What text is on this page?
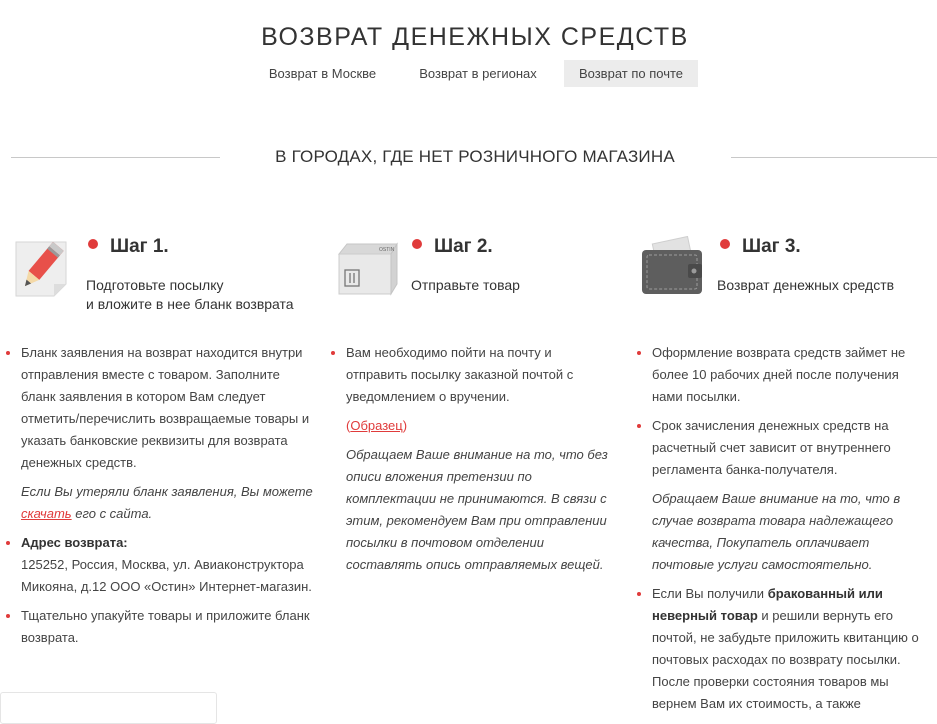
ВОЗВРАТ ДЕНЕЖНЫХ СРЕДСТВ
Возврат в Москве	Возврат в регионах	Возврат по почте
В ГОРОДАХ, ГДЕ НЕТ РОЗНИЧНОГО МАГАЗИНА
Шаг 1.
Подготовьте посылку
и вложите в нее бланк возврата
OSTIN	Шаг 2.
Отправьте товар
Шаг 3.
Возврат денежных средств
Бланк заявления на возврат находится внутри отправления вместе с товаром. Заполните бланк заявления в котором Вам следует отметить/перечислить возвращаемые товары и указать банковские реквизиты для возврата денежных средств.
Если Вы утеряли бланк заявления, Вы можете скачать его с сайта.
Адрес возврата:
125252, Россия, Москва, ул. Авиаконструктора Микояна, д.12 ООО «Остин» Интернет-магазин.
Тщательно упакуйте товары и приложите бланк возврата.
Вам необходимо пойти на почту и отправить посылку заказной почтой с уведомлением о вручении.
(Образец)
Обращаем Ваше внимание на то, что без описи вложения претензии по комплектации не принимаются. В связи с этим, рекомендуем Вам при отправлении посылки в почтовом отделении составлять опись отправляемых вещей.
Оформление возврата средств займет не более 10 рабочих дней после получения нами посылки.
Срок зачисления денежных средств на расчетный счет зависит от внутреннего регламента банка-получателя.
Обращаем Ваше внимание на то, что в случае возврата товара надлежащего качества, Покупатель оплачивает почтовые услуги самостоятельно.
Если Вы получили бракованный или неверный товар и решили вернуть его почтой, не забудьте приложить квитанцию о почтовых расходах по возврату посылки. После проверки состояния товаров мы вернем Вам их стоимость, а также
